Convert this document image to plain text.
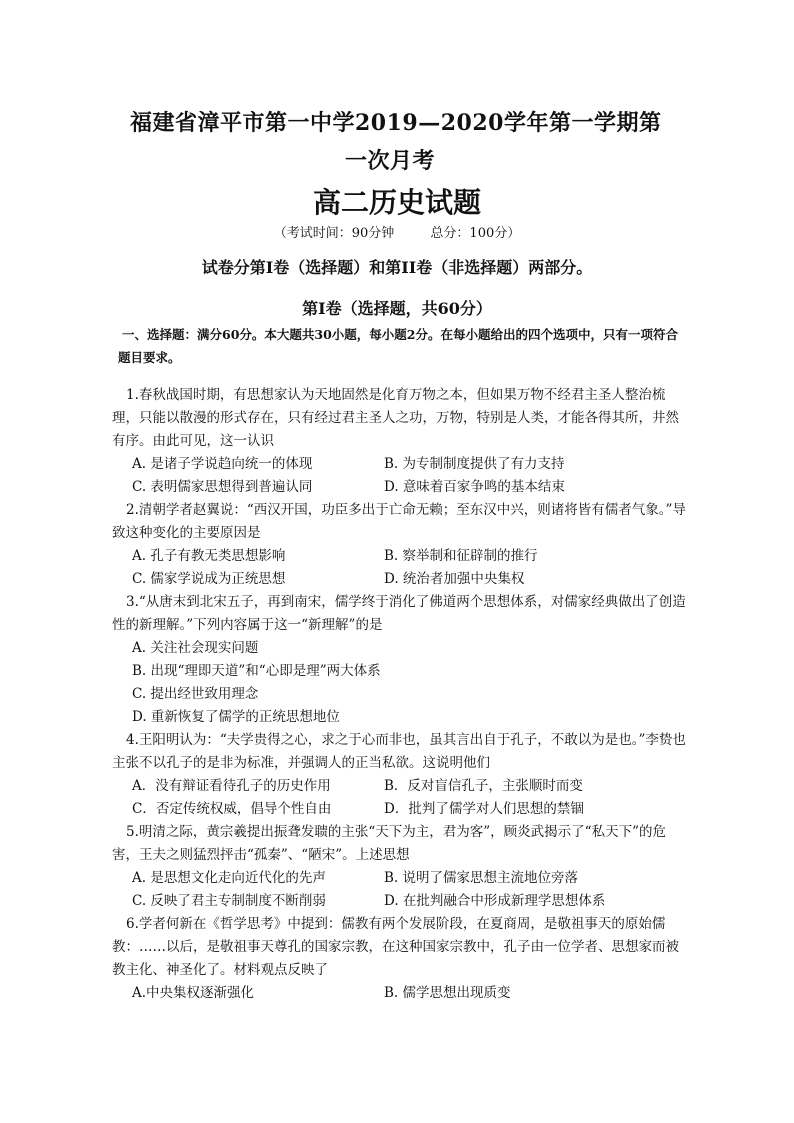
福建省漳平市第一中学2019—2020学年第一学期第
一次月考
高二历史试题
（考试时间：90分钟	总分：100分）
试卷分第Ⅰ卷（选择题）和第II卷（非选择题）两部分。
第Ⅰ卷（选择题，共60分）
一、选择题：满分60分。本大题共30小题，每小题2分。在每小题给出的四个选项中，只有一项符合题目要求。
1.春秋战国时期，有思想家认为天地固然是化育万物之本，但如果万物不经君主圣人整治梳理，只能以散漫的形式存在，只有经过君主圣人之功，万物，特别是人类，才能各得其所，井然有序。由此可见，这一认识
A. 是诸子学说趋向统一的体现	B. 为专制制度提供了有力支持
C. 表明儒家思想得到普遍认同	D. 意味着百家争鸣的基本结束
2.清朝学者赵翼说：“西汉开国，功臣多出于亡命无赖；至东汉中兴，则诸将皆有儒者气象。”导致这种变化的主要原因是
A. 孔子有教无类思想影响	B. 察举制和征辟制的推行
C. 儒家学说成为正统思想	D. 统治者加强中央集权
3.“从唐末到北宋五子，再到南宋，儒学终于消化了佛道两个思想体系，对儒家经典做出了创造性的新理解。”下列内容属于这一“新理解”的是
A. 关注社会现实问题
B. 出现“理即天道”和“心即是理”两大体系
C. 提出经世致用理念
D. 重新恢复了儒学的正统思想地位
4.王阳明认为：“夫学贵得之心，求之于心而非也，虽其言出自于孔子，不敢以为是也。”李贽也主张不以孔子的是非为标准，并强调人的正当私欲。这说明他们
A．没有辩证看待孔子的历史作用	B．反对盲信孔子，主张顺时而变
C．否定传统权威，倡导个性自由	D．批判了儒学对人们思想的禁锢
5.明清之际，黄宗羲提出振聋发聩的主张“天下为主，君为客”，顾炎武揭示了“私天下”的危害，王夫之则猛烈抨击“孤秦”、“陋宋”。上述思想
A. 是思想文化走向近代化的先声	B. 说明了儒家思想主流地位旁落
C. 反映了君主专制制度不断削弱	D. 在批判融合中形成新理学思想体系
6.学者何新在《哲学思考》中提到：儒教有两个发展阶段，在夏商周，是敬祖事天的原始儒教：……以后，是敬祖事天尊孔的国家宗教，在这种国家宗教中，孔子由一位学者、思想家而被教主化、神圣化了。材料观点反映了
A.中央集权逐渐强化	B. 儒学思想出现质变
